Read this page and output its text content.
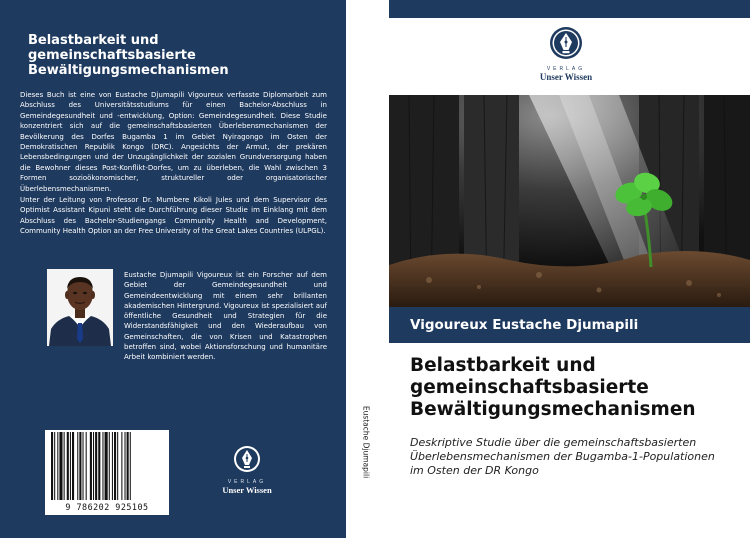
Belastbarkeit und
gemeinschaftsbasierte
Bewältigungsmechanismen

Dieses Buch ist eine von Eustache Djumapili Vigoureux verfasste Diplomarbeit zum Abschluss des Universitätsstudiums für einen Bachelor-Abschluss in Gemeindegesundheit und -entwicklung, Option: Gemeindegesundheit. Diese Studie konzentriert sich auf die gemeinschaftsbasierten Überlebensmechanismen der Bevölkerung des Dorfes Bugamba 1 im Gebiet Nyiragongo im Osten der Demokratischen Republik Kongo (DRC). Angesichts der Armut, der prekären Lebensbedingungen und der Unzugänglichkeit der sozialen Grundversorgung haben die Bewohner dieses Post-Konflikt-Dorfes, um zu überleben, die Wahl zwischen 3 Formen sozioökonomischer, struktureller oder organisatorischer Überlebensmechanismen.

Unter der Leitung von Professor Dr. Mumbere Kikoli Jules und dem Supervisor des Optimist Assistant Kipuni steht die Durchführung dieser Studie im Einklang mit dem Abschluss des Bachelor-Studiengangs Community Health and Development, Community Health Option an der Free University of the Great Lakes Countries (ULPGL).

Eustache Djumapili Vigoureux ist ein Forscher auf dem Gebiet der Gemeindegesundheit und Gemeindeentwicklung mit einem sehr brillanten akademischen Hintergrund. Vigoureux ist spezialisiert auf öffentliche Gesundheit und Strategien für die Widerstandsfähigkeit und den Wiederaufbau von Gemeinschaften, die von Krisen und Katastrophen betroffen sind, wobei Aktionsforschung und humanitäre Arbeit kombiniert werden.

9 786202 925105
VERLAG
Unser Wissen
Eustache Djumapili
VERLAG
Unser Wissen
Vigoureux Eustache Djumapili
Belastbarkeit und
gemeinschaftsbasierte
Bewältigungsmechanismen
Deskriptive Studie über die gemeinschaftsbasierten
Überlebensmechanismen der Bugamba-1-Populationen
im Osten der DR Kongo
